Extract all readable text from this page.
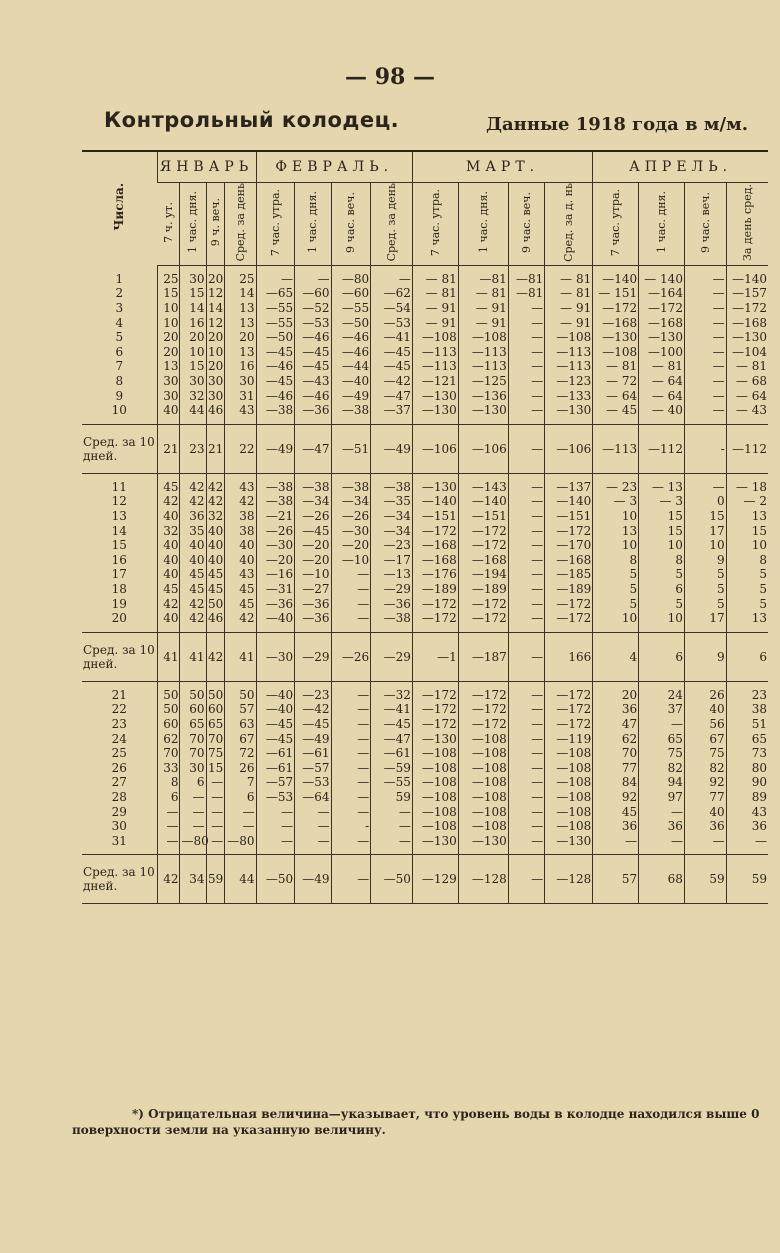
— 98 —
Контрольный колодец.	Данные 1918 года в м/м.
Числа.	ЯНВАРЬ				ФЕВРАЛЬ.				МАРТ.				АПРЕЛЬ.			
	7 ч. ут.	1 час. дня.	9 ч. веч.	Сред. за день	7 час. утра.	1 час. дня.	9 час. веч.	Сред. за день	7 час. утра.	1 час. дня.	9 час. веч.	Сред. за д. нь	7 час. утра.	1 час. дня.	9 час. веч.	За день сред.
1	25	30	20	25	—	—	—80	—	— 81	—81	—81	— 81	—140	— 140	—	—140
2	15	15	12	14	—65	—60	—60	—62	— 81	— 81	—81	— 81	— 151	—164	—	—157
3	10	14	14	13	—55	—52	—55	—54	— 91	— 91	—	— 91	—172	—172	—	—172
4	10	16	12	13	—55	—53	—50	—53	— 91	— 91	—	— 91	—168	—168	—	—168
5	20	20	20	20	—50	—46	—46	—41	—108	—108	—	—108	—130	—130	—	—130
6	20	10	10	13	—45	—45	—46	—45	—113	—113	—	—113	—108	—100	—	—104
7	13	15	20	16	—46	—45	—44	—45	—113	—113	—	—113	— 81	— 81	—	— 81
8	30	30	30	30	—45	—43	—40	—42	—121	—125	—	—123	— 72	— 64	—	— 68
9	30	32	30	31	—46	—46	—49	—47	—130	—136	—	—133	— 64	— 64	—	— 64
10	40	44	46	43	—38	—36	—38	—37	—130	—130	—	—130	— 45	— 40	—	— 43
Сред. за 10 дней.	21	23	21	22	—49	—47	—51	—49	—106	—106	—	—106	—113	—112	-	—112
11	45	42	42	43	—38	—38	—38	—38	—130	—143	—	—137	— 23	— 13	—	— 18
12	42	42	42	42	—38	—34	—34	—35	—140	—140	—	—140	— 3	— 3	0	— 2
13	40	36	32	38	—21	—26	—26	—34	—151	—151	—	—151	10	15	15	13
14	32	35	40	38	—26	—45	—30	—34	—172	—172	—	—172	13	15	17	15
15	40	40	40	40	—30	—20	—20	—23	—168	—172	—	—170	10	10	10	10
16	40	40	40	40	—20	—20	—10	—17	—168	—168	—	—168	8	8	9	8
17	40	45	45	43	—16	—10	—	—13	—176	—194	—	—185	5	5	5	5
18	45	45	45	45	—31	—27	—	—29	—189	—189	—	—189	5	6	5	5
19	42	42	50	45	—36	—36	—	—36	—172	—172	—	—172	5	5	5	5
20	40	42	46	42	—40	—36	—	—38	—172	—172	—	—172	10	10	17	13
Сред. за 10 дней.	41	41	42	41	—30	—29	—26	—29	—1	—187	—	166	4	6	9	6
21	50	50	50	50	—40	—23	—	—32	—172	—172	—	—172	20	24	26	23
22	50	60	60	57	—40	—42	—	—41	—172	—172	—	—172	36	37	40	38
23	60	65	65	63	—45	—45	—	—45	—172	—172	—	—172	47	—	56	51
24	62	70	70	67	—45	—49	—	—47	—130	—108	—	—119	62	65	67	65
25	70	70	75	72	—61	—61	—	—61	—108	—108	—	—108	70	75	75	73
26	33	30	15	26	—61	—57	—	—59	—108	—108	—	—108	77	82	82	80
27	8	6	—	7	—57	—53	—	—55	—108	—108	—	—108	84	94	92	90
28	6	—	—	6	—53	—64	—	59	—108	—108	—	—108	92	97	77	89
29	—	—	—	—	—	—	—	—	—108	—108	—	—108	45	—	40	43
30	—	—	—	—	—	—	-	—	—108	—108	—	—108	36	36	36	36
31	—	—80	—	—80	—	—	—	—	—130	—130	—	—130	—	—	—	—
Сред. за 10 дней.	42	34	59	44	—50	—49	—	—50	—129	—128	—	—128	57	68	59	59
*) Отрицательная величина—указывает, что уровень воды в колодце находился выше 0 поверхности земли на указанную величину.
